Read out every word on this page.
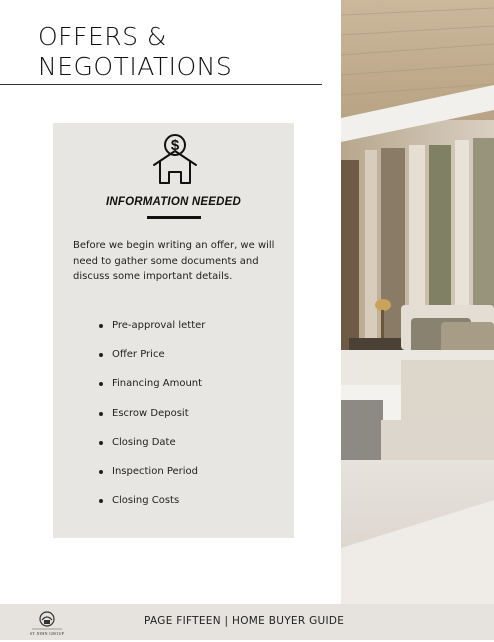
OFFERS &
NEGOTIATIONS
$
INFORMATION NEEDED

Before we begin writing an offer, we will need to gather some documents and discuss some important details.

Pre-approval letter
Offer Price
Financing Amount
Escrow Deposit
Closing Date
Inspection Period
Closing Costs
ST JOHN GROUP
PAGE FIFTEEN | HOME BUYER GUIDE
